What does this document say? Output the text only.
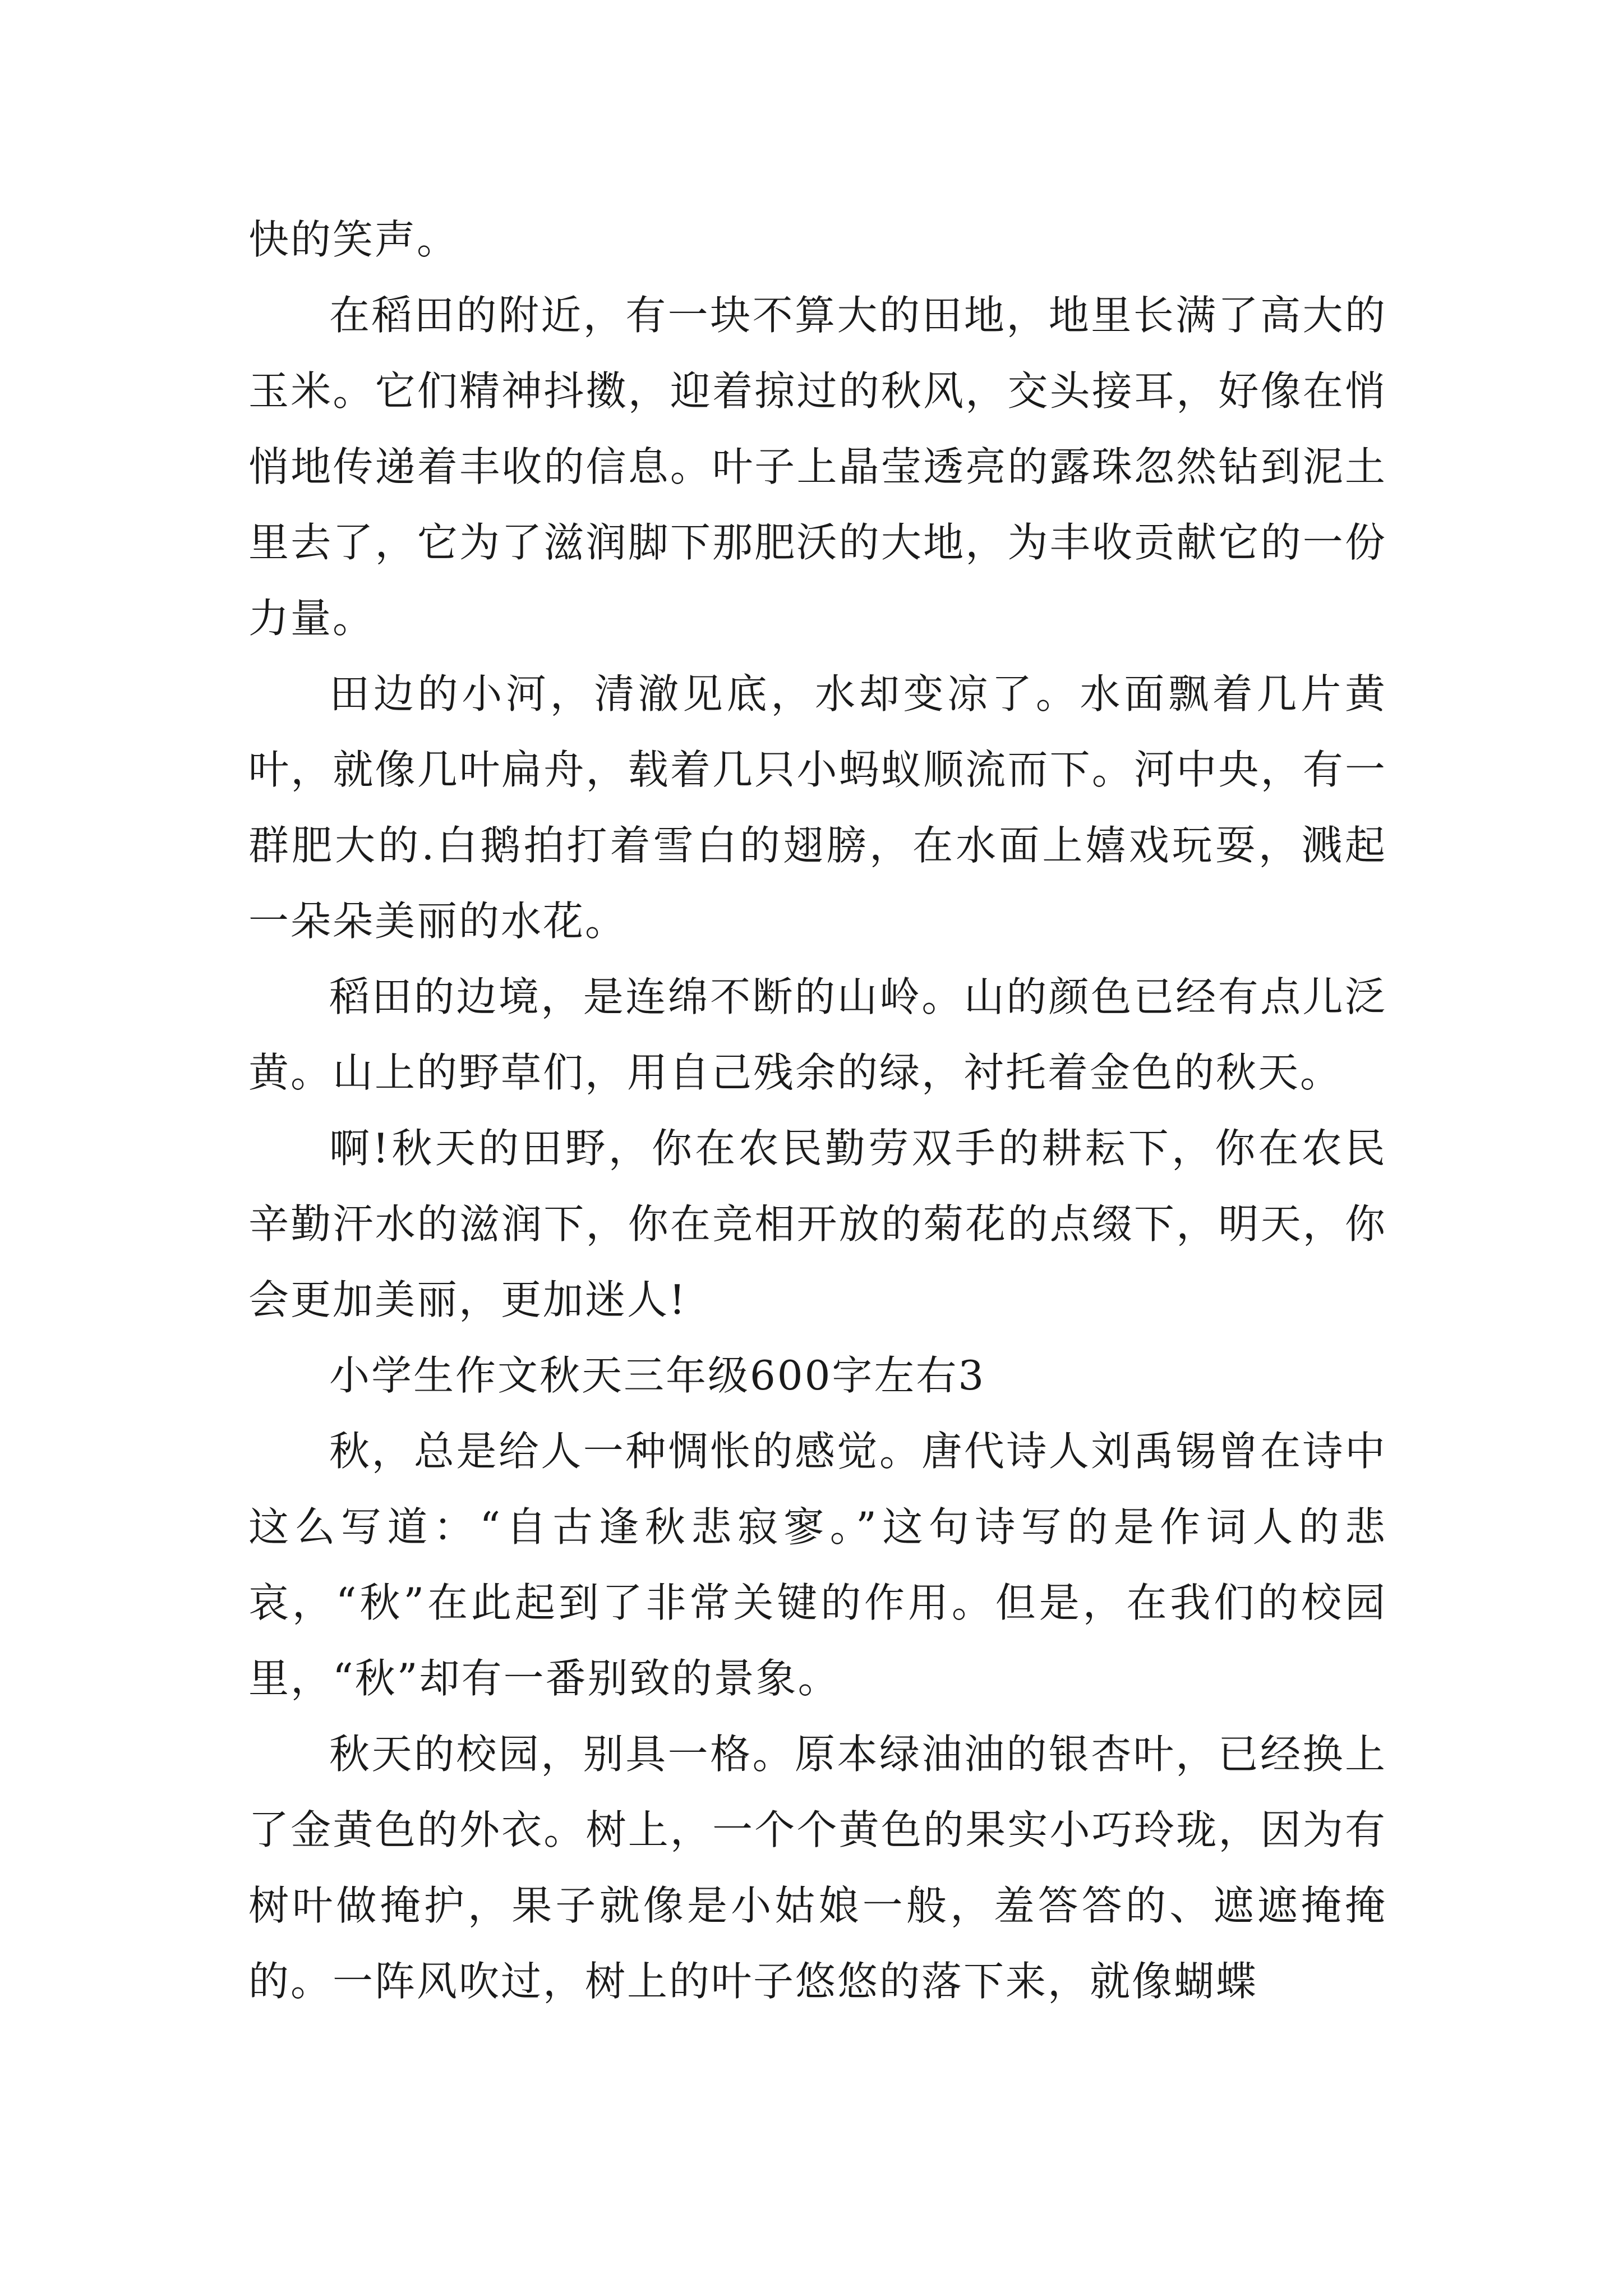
快的笑声。

在稻田的附近，有一块不算大的田地，地里长满了高大的玉米。它们精神抖擞，迎着掠过的秋风，交头接耳，好像在悄悄地传递着丰收的信息。叶子上晶莹透亮的露珠忽然钻到泥土里去了，它为了滋润脚下那肥沃的大地，为丰收贡献它的一份力量。

田边的小河，清澈见底，水却变凉了。水面飘着几片黄叶，就像几叶扁舟，载着几只小蚂蚁顺流而下。河中央，有一群肥大的.白鹅拍打着雪白的翅膀，在水面上嬉戏玩耍，溅起一朵朵美丽的水花。

稻田的边境，是连绵不断的山岭。山的颜色已经有点儿泛黄。山上的野草们，用自己残余的绿，衬托着金色的秋天。

啊!秋天的田野，你在农民勤劳双手的耕耘下，你在农民辛勤汗水的滋润下，你在竞相开放的菊花的点缀下，明天，你会更加美丽，更加迷人!

小学生作文秋天三年级600字左右3

秋，总是给人一种惆怅的感觉。唐代诗人刘禹锡曾在诗中这么写道：“自古逢秋悲寂寥。”这句诗写的是作词人的悲哀，“秋”在此起到了非常关键的作用。但是，在我们的校园里，“秋”却有一番别致的景象。

秋天的校园，别具一格。原本绿油油的银杏叶，已经换上了金黄色的外衣。树上，一个个黄色的果实小巧玲珑，因为有树叶做掩护，果子就像是小姑娘一般，羞答答的、遮遮掩掩的。一阵风吹过，树上的叶子悠悠的落下来，就像蝴蝶
